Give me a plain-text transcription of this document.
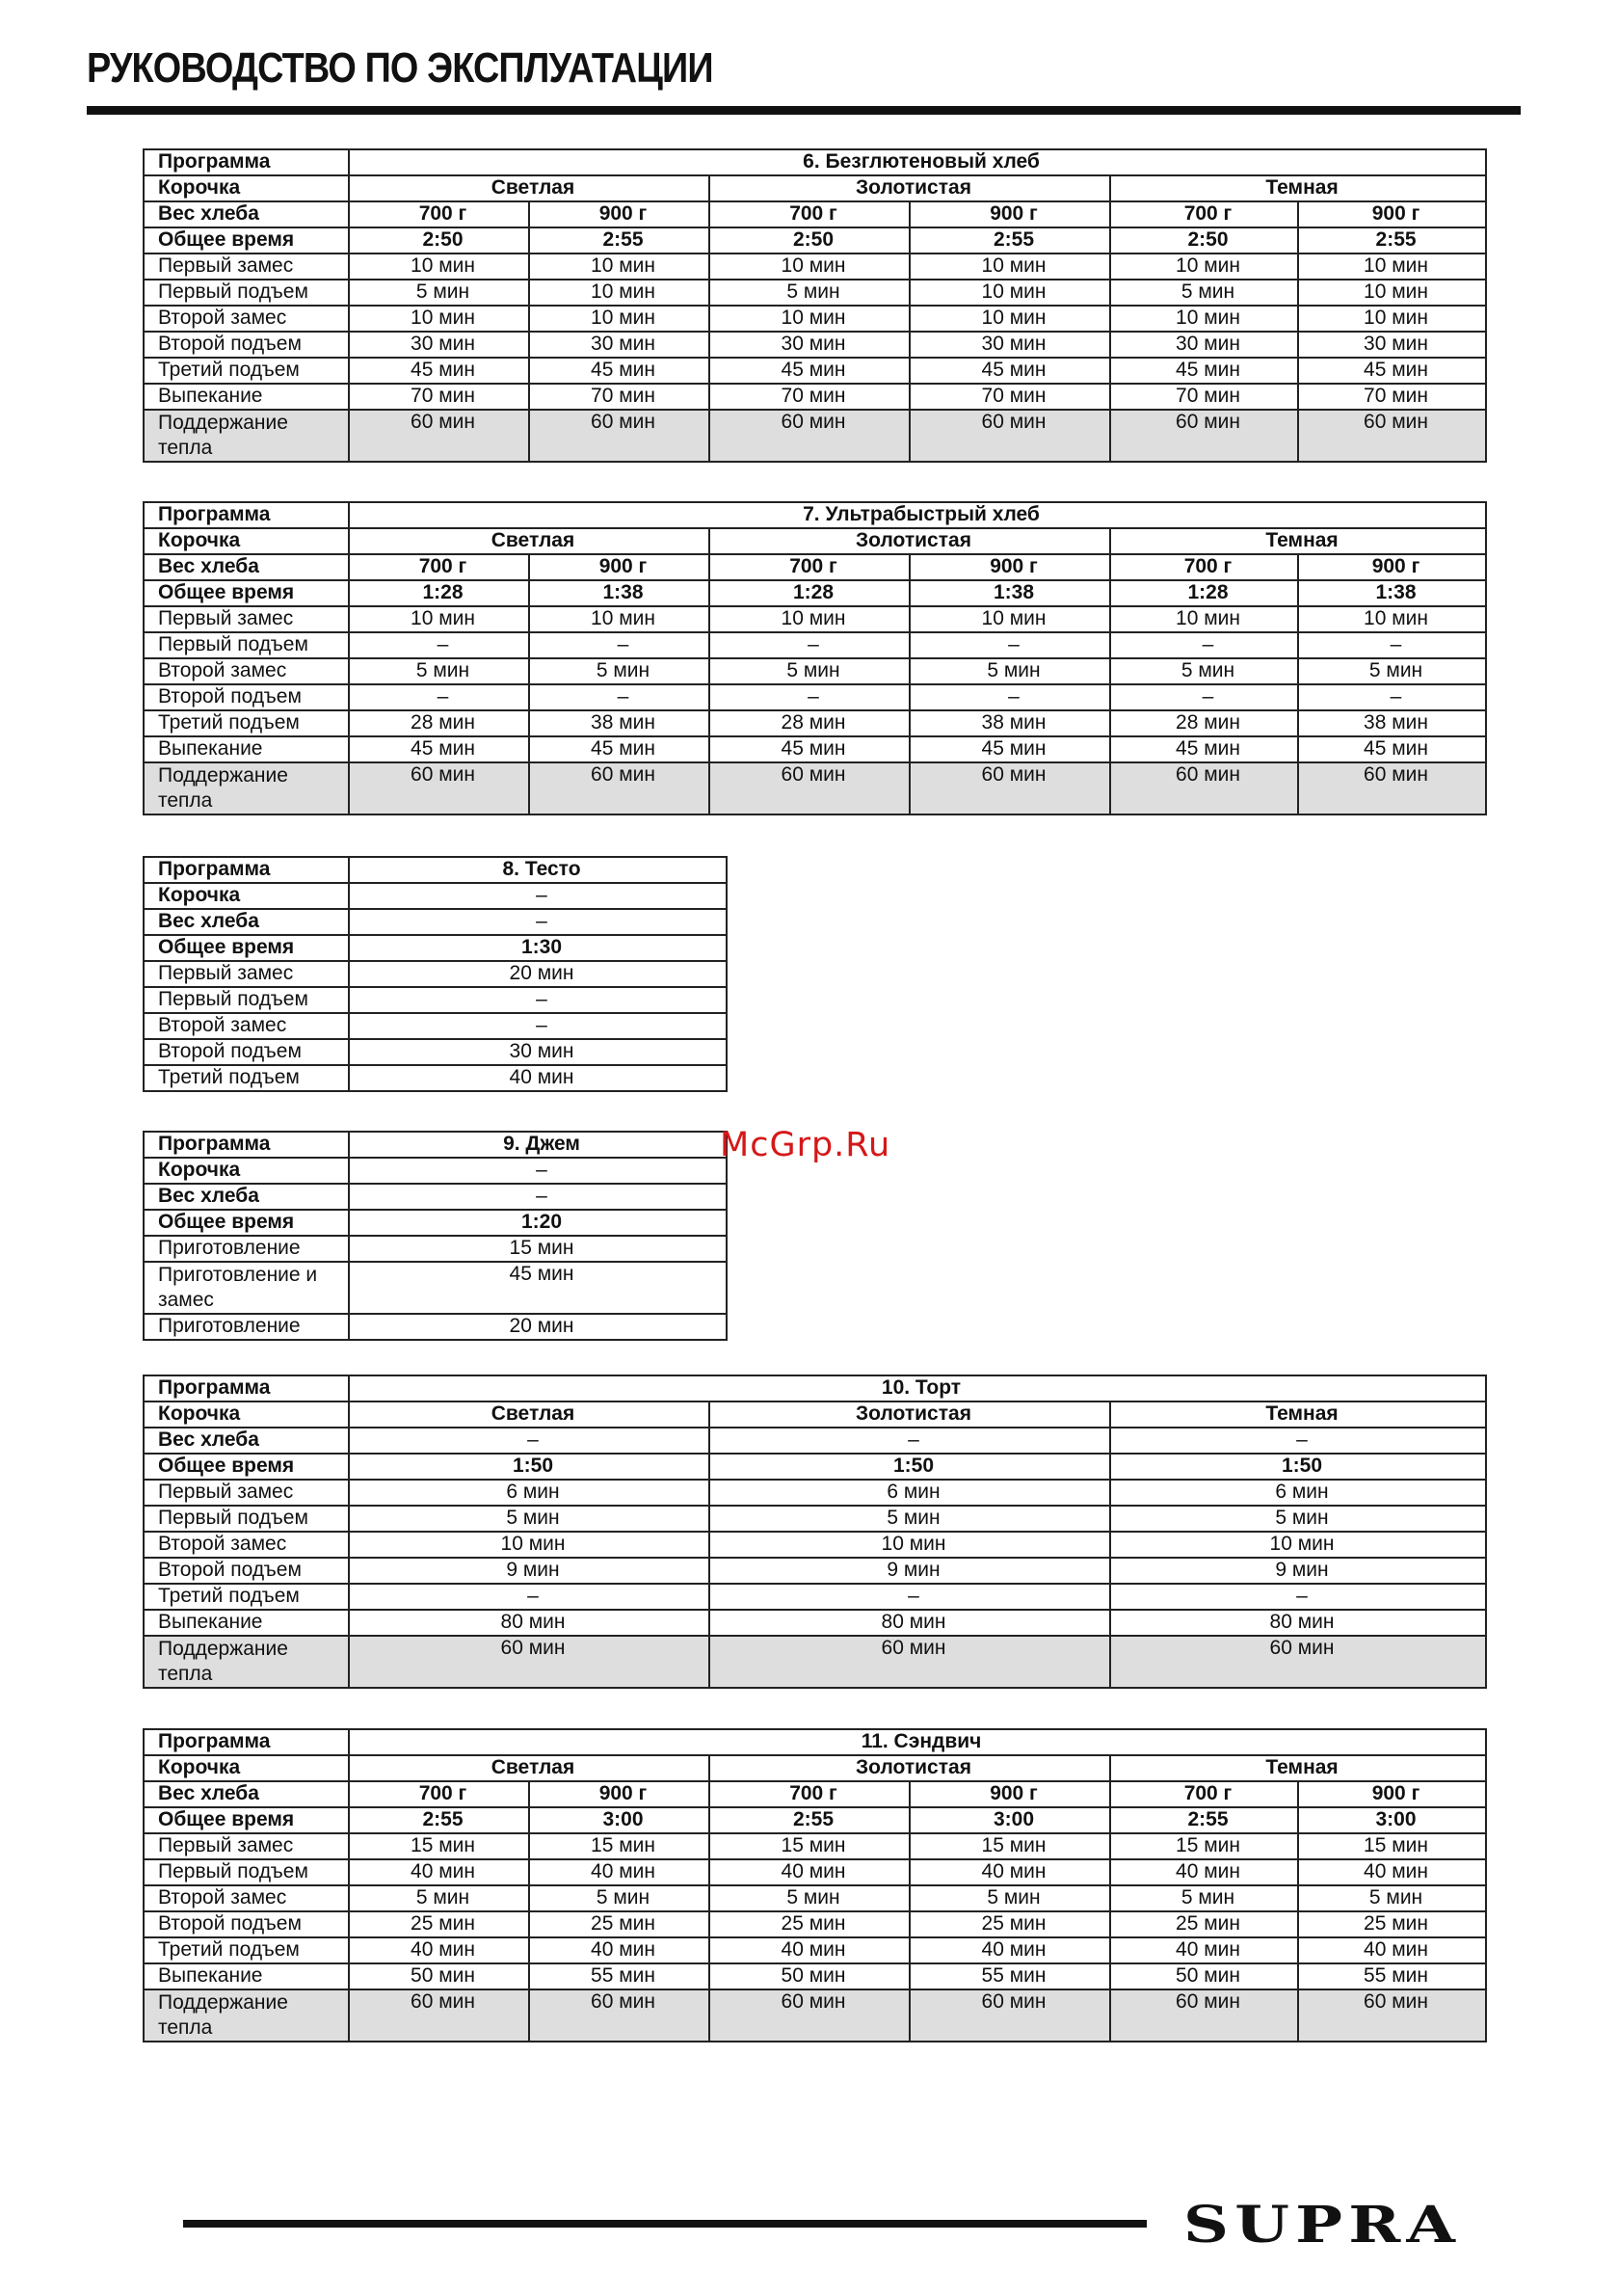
РУКОВОДСТВО ПО ЭКСПЛУАТАЦИИ
Программа	6. Безглютеновый хлеб					
Корочка	Светлая		Золотистая		Темная	
Вес хлеба	700 г	900 г	700 г	900 г	700 г	900 г
Общее время	2:50	2:55	2:50	2:55	2:50	2:55
Первый замес	10 мин	10 мин	10 мин	10 мин	10 мин	10 мин
Первый подъем	5 мин	10 мин	5 мин	10 мин	5 мин	10 мин
Второй замес	10 мин	10 мин	10 мин	10 мин	10 мин	10 мин
Второй подъем	30 мин	30 мин	30 мин	30 мин	30 мин	30 мин
Третий подъем	45 мин	45 мин	45 мин	45 мин	45 мин	45 мин
Выпекание	70 мин	70 мин	70 мин	70 мин	70 мин	70 мин
Поддержание тепла	60 мин	60 мин	60 мин	60 мин	60 мин	60 мин
Программа	7. Ультрабыстрый хлеб					
Корочка	Светлая		Золотистая		Темная	
Вес хлеба	700 г	900 г	700 г	900 г	700 г	900 г
Общее время	1:28	1:38	1:28	1:38	1:28	1:38
Первый замес	10 мин	10 мин	10 мин	10 мин	10 мин	10 мин
Первый подъем	–	–	–	–	–	–
Второй замес	5 мин	5 мин	5 мин	5 мин	5 мин	5 мин
Второй подъем	–	–	–	–	–	–
Третий подъем	28 мин	38 мин	28 мин	38 мин	28 мин	38 мин
Выпекание	45 мин	45 мин	45 мин	45 мин	45 мин	45 мин
Поддержание тепла	60 мин	60 мин	60 мин	60 мин	60 мин	60 мин
Программа	8. Тесто
Корочка	–
Вес хлеба	–
Общее время	1:30
Первый замес	20 мин
Первый подъем	–
Второй замес	–
Второй подъем	30 мин
Третий подъем	40 мин
Программа	9. Джем
Корочка	–
Вес хлеба	–
Общее время	1:20
Приготовление	15 мин
Приготовление и замес	45 мин
Приготовление	20 мин
Программа	10. Торт		
Корочка	Светлая	Золотистая	Темная
Вес хлеба	–	–	–
Общее время	1:50	1:50	1:50
Первый замес	6 мин	6 мин	6 мин
Первый подъем	5 мин	5 мин	5 мин
Второй замес	10 мин	10 мин	10 мин
Второй подъем	9 мин	9 мин	9 мин
Третий подъем	–	–	–
Выпекание	80 мин	80 мин	80 мин
Поддержание тепла	60 мин	60 мин	60 мин
Программа	11. Сэндвич					
Корочка	Светлая		Золотистая		Темная	
Вес хлеба	700 г	900 г	700 г	900 г	700 г	900 г
Общее время	2:55	3:00	2:55	3:00	2:55	3:00
Первый замес	15 мин	15 мин	15 мин	15 мин	15 мин	15 мин
Первый подъем	40 мин	40 мин	40 мин	40 мин	40 мин	40 мин
Второй замес	5 мин	5 мин	5 мин	5 мин	5 мин	5 мин
Второй подъем	25 мин	25 мин	25 мин	25 мин	25 мин	25 мин
Третий подъем	40 мин	40 мин	40 мин	40 мин	40 мин	40 мин
Выпекание	50 мин	55 мин	50 мин	55 мин	50 мин	55 мин
Поддержание тепла	60 мин	60 мин	60 мин	60 мин	60 мин	60 мин
McGrp.Ru
SUPRA
